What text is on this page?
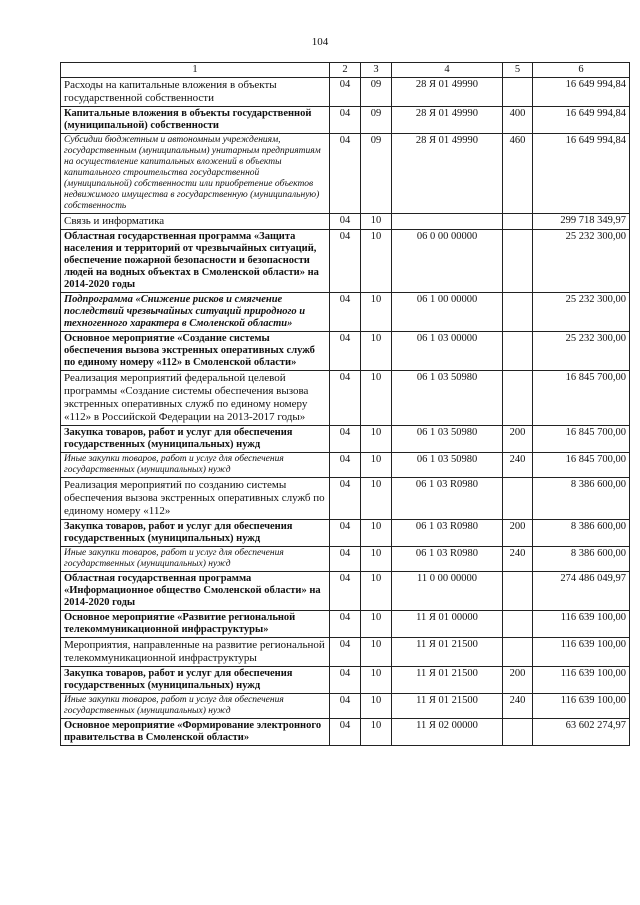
104
1	2	3	4	5	6
Расходы на капитальные вложения в объекты государственной собственности	04	09	28 Я 01 49990		16 649 994,84
Капитальные вложения в объекты государственной (муниципальной) собственности	04	09	28 Я 01 49990	400	16 649 994,84
Субсидии бюджетным и автономным учреждениям, государственным (муниципальным) унитарным предприятиям на осуществление капитальных вложений в объекты капитального строительства государственной (муниципальной) собственности или приобретение объектов недвижимого имущества в государственную (муниципальную) собственность	04	09	28 Я 01 49990	460	16 649 994,84
Связь и информатика	04	10			299 718 349,97
Областная государственная программа «Защита населения и территорий от чрезвычайных ситуаций, обеспечение пожарной безопасности и безопасности людей на водных объектах в Смоленской области» на 2014-2020 годы	04	10	06 0 00 00000		25 232 300,00
Подпрограмма «Снижение рисков и смягчение последствий чрезвычайных ситуаций природного и техногенного характера в Смоленской области»	04	10	06 1 00 00000		25 232 300,00
Основное мероприятие «Создание системы обеспечения вызова экстренных оперативных служб по единому номеру «112» в Смоленской области»	04	10	06 1 03 00000		25 232 300,00
Реализация мероприятий федеральной целевой программы «Создание системы обеспечения вызова экстренных оперативных служб по единому номеру «112» в Российской Федерации на 2013-2017 годы»	04	10	06 1 03 50980		16 845 700,00
Закупка товаров, работ и услуг для обеспечения государственных (муниципальных) нужд	04	10	06 1 03 50980	200	16 845 700,00
Иные закупки товаров, работ и услуг для обеспечения государственных (муниципальных) нужд	04	10	06 1 03 50980	240	16 845 700,00
Реализация мероприятий по созданию системы обеспечения вызова экстренных оперативных служб по единому номеру «112»	04	10	06 1 03 R0980		8 386 600,00
Закупка товаров, работ и услуг для обеспечения государственных (муниципальных) нужд	04	10	06 1 03 R0980	200	8 386 600,00
Иные закупки товаров, работ и услуг для обеспечения государственных (муниципальных) нужд	04	10	06 1 03 R0980	240	8 386 600,00
Областная государственная программа «Информационное общество Смоленской области» на 2014-2020 годы	04	10	11 0 00 00000		274 486 049,97
Основное мероприятие «Развитие региональной телекоммуникационной инфраструктуры»	04	10	11 Я 01 00000		116 639 100,00
Мероприятия, направленные на развитие региональной телекоммуникационной инфраструктуры	04	10	11 Я 01 21500		116 639 100,00
Закупка товаров, работ и услуг для обеспечения государственных (муниципальных) нужд	04	10	11 Я 01 21500	200	116 639 100,00
Иные закупки товаров, работ и услуг для обеспечения государственных (муниципальных) нужд	04	10	11 Я 01 21500	240	116 639 100,00
Основное мероприятие «Формирование электронного правительства в Смоленской области»	04	10	11 Я 02 00000		63 602 274,97
